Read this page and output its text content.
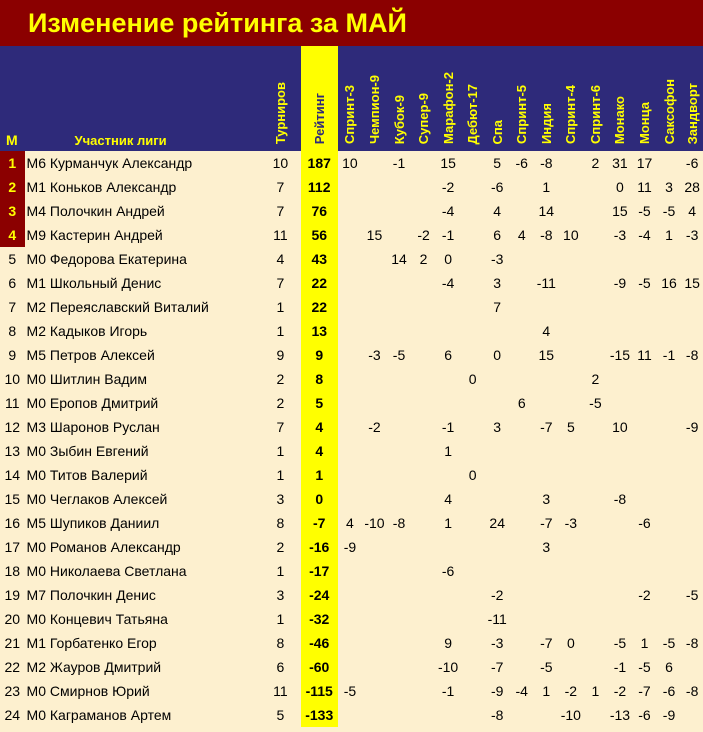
Изменение рейтинга за МАЙ
М	Участник лиги	Турниров	Рейтинг	Спринт-3	Чемпион-9	Кубок-9	Супер-9	Марафон-2	Дебют-17	Спа	Спринт-5	Индия	Спринт-4	Спринт-6	Монако	Монца	Саксофон	Зандворт
1	М6 Курманчук Александр	10	187	10		-1		15		5	-6	-8		2	31	17		-6
2	М1 Коньков Александр	7	112					-2		-6		1			0	11	3	28
3	М4 Полочкин Андрей	7	76					-4		4		14			15	-5	-5	4
4	М9 Кастерин Андрей	11	56		15		-2	-1		6	4	-8	10		-3	-4	1	-3
5	М0 Федорова Екатерина	4	43			14	2	0		-3								
6	М1 Школьный Денис	7	22					-4		3		-11			-9	-5	16	15
7	М2 Переяславский Виталий	1	22							7								
8	М2 Кадыков Игорь	1	13									4						
9	М5 Петров Алексей	9	9		-3	-5		6		0		15			-15	11	-1	-8
10	М0 Шитлин Вадим	2	8						0					2				
11	М0 Еропов Дмитрий	2	5								6			-5				
12	М3 Шаронов Руслан	7	4		-2			-1		3		-7	5		10			-9
13	М0 Зыбин Евгений	1	4					1										
14	М0 Титов Валерий	1	1						0									
15	М0 Чеглаков Алексей	3	0					4				3			-8			
16	М5 Шупиков Даниил	8	-7	4	-10	-8		1		24		-7	-3			-6		
17	М0 Романов Александр	2	-16	-9								3						
18	М0 Николаева Светлана	1	-17					-6										
19	М7 Полочкин Денис	3	-24							-2						-2		-5
20	М0 Концевич Татьяна	1	-32							-11								
21	М1 Горбатенко Егор	8	-46					9		-3		-7	0		-5	1	-5	-8
22	М2 Жауров Дмитрий	6	-60					-10		-7		-5			-1	-5	6	
23	М0 Смирнов Юрий	11	-115	-5				-1		-9	-4	1	-2	1	-2	-7	-6	-8
24	М0 Каграманов Артем	5	-133							-8			-10		-13	-6	-9	
